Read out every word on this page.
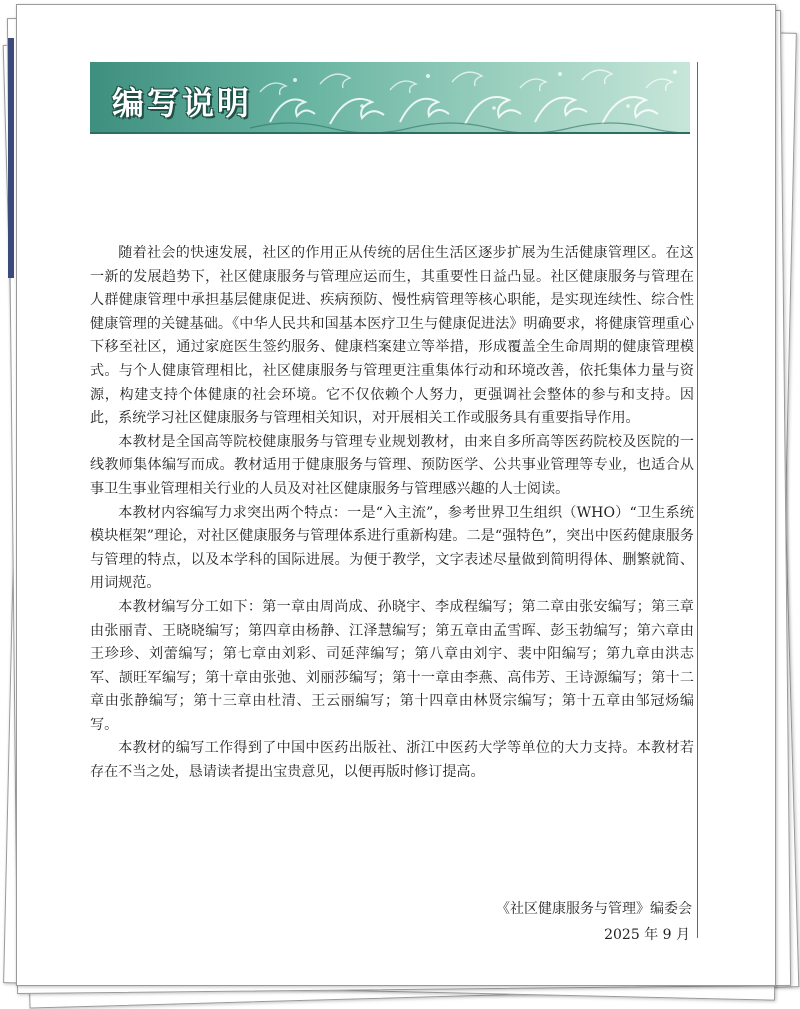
编写说明

随着社会的快速发展，社区的作用正从传统的居住生活区逐步扩展为生活健康管理区。在这一新的发展趋势下，社区健康服务与管理应运而生，其重要性日益凸显。社区健康服务与管理在人群健康管理中承担基层健康促进、疾病预防、慢性病管理等核心职能，是实现连续性、综合性健康管理的关键基础。《中华人民共和国基本医疗卫生与健康促进法》明确要求，将健康管理重心下移至社区，通过家庭医生签约服务、健康档案建立等举措，形成覆盖全生命周期的健康管理模式。与个人健康管理相比，社区健康服务与管理更注重集体行动和环境改善，依托集体力量与资源，构建支持个体健康的社会环境。它不仅依赖个人努力，更强调社会整体的参与和支持。因此，系统学习社区健康服务与管理相关知识，对开展相关工作或服务具有重要指导作用。

本教材是全国高等院校健康服务与管理专业规划教材，由来自多所高等医药院校及医院的一线教师集体编写而成。教材适用于健康服务与管理、预防医学、公共事业管理等专业，也适合从事卫生事业管理相关行业的人员及对社区健康服务与管理感兴趣的人士阅读。

本教材内容编写力求突出两个特点：一是“入主流”，参考世界卫生组织（WHO）“卫生系统模块框架”理论，对社区健康服务与管理体系进行重新构建。二是“强特色”，突出中医药健康服务与管理的特点，以及本学科的国际进展。为便于教学，文字表述尽量做到简明得体、删繁就简、用词规范。

本教材编写分工如下：第一章由周尚成、孙晓宇、李成程编写；第二章由张安编写；第三章由张丽青、王晓晓编写；第四章由杨静、江泽慧编写；第五章由孟雪晖、彭玉勃编写；第六章由王珍珍、刘蕾编写；第七章由刘彩、司延萍编写；第八章由刘宇、裴中阳编写；第九章由洪志军、颉旺军编写；第十章由张弛、刘丽莎编写；第十一章由李燕、高伟芳、王诗源编写；第十二章由张静编写；第十三章由杜清、王云丽编写；第十四章由林贤宗编写；第十五章由邹冠炀编写。

本教材的编写工作得到了中国中医药出版社、浙江中医药大学等单位的大力支持。本教材若存在不当之处，恳请读者提出宝贵意见，以便再版时修订提高。

《社区健康服务与管理》编委会
2025 年 9 月
